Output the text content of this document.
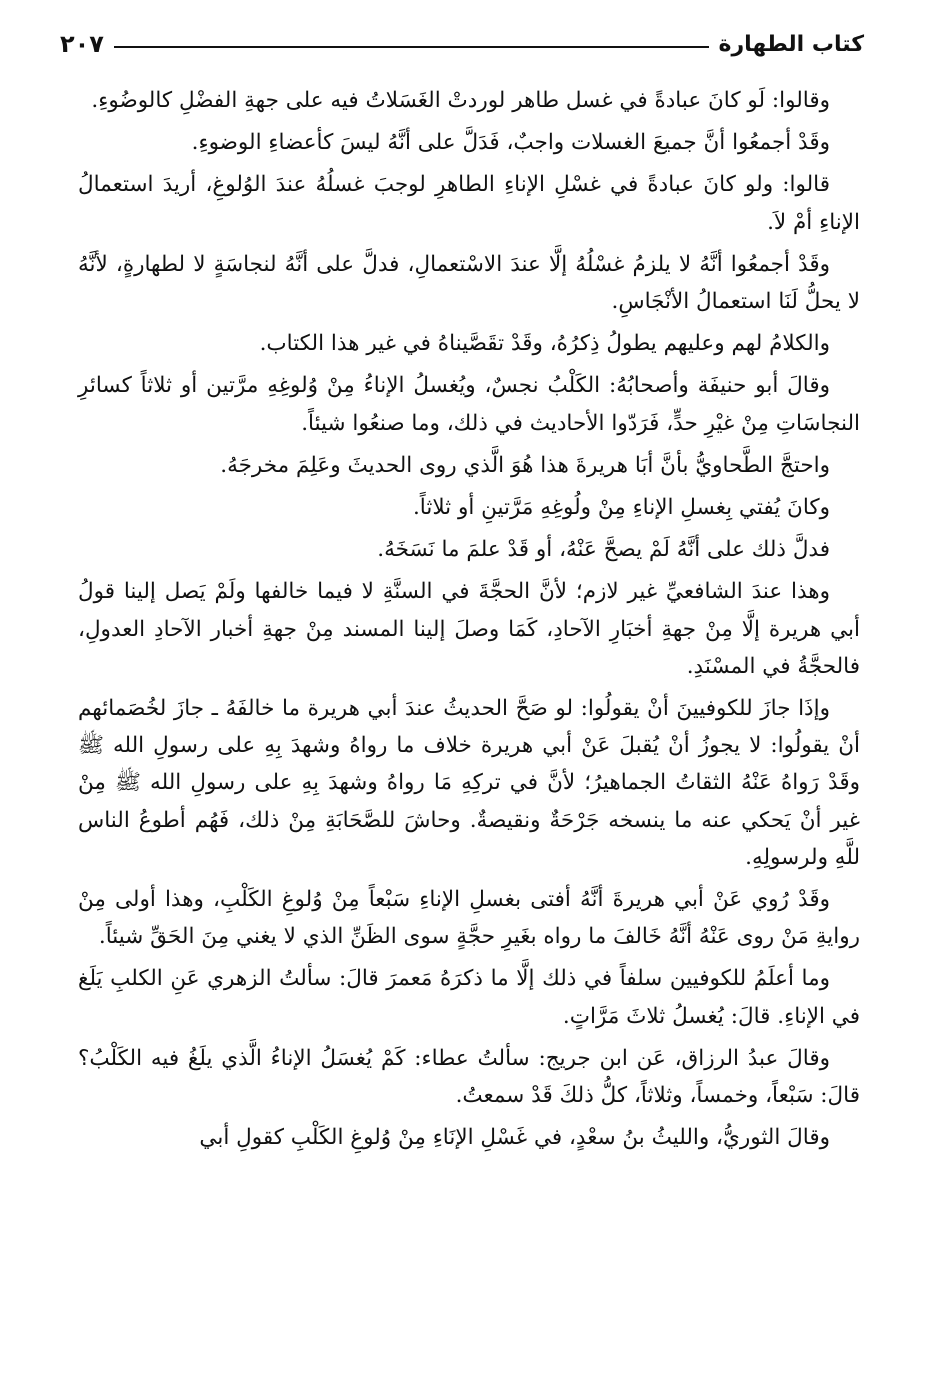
كتاب الطهارة
٢٠٧

وقالوا: لَو كانَ عبادةً في غسل طاهر لوردتْ الغَسَلاتُ فيه على جهةِ الفضْلِ كالوضُوءِ.

وقَدْ أجمعُوا أنَّ جميعَ الغسلات واجبٌ، فَدَلَّ على أنَّهُ ليسَ كأعضاءِ الوضوءِ.

قالوا: ولو كانَ عبادةً في غسْلِ الإناءِ الطاهرِ لوجبَ غسلُهُ عندَ الوُلوغِ، أريدَ استعمالُ الإناءِ أمْ لاَ.

وقَدْ أجمعُوا أنَّهُ لا يلزمُ غسْلُهُ إلَّا عندَ الاسْتعمالِ، فدلَّ على أنَّهُ لنجاسَةٍ لا لطهارةٍ، لأنَّهُ لا يحلُّ لَنَا استعمالُ الأنْجَاسِ.

والكلامُ لهم وعليهم يطولُ ذِكرُهُ، وقَدْ تقَصَّيناهُ في غير هذا الكتاب.

وقالَ أبو حنيفَة وأصحابُهُ: الكَلْبُ نجسٌ، ويُغسلُ الإناءُ مِنْ وُلوغِهِ مرَّتين أو ثلاثاً كسائرِ النجاسَاتِ مِنْ غيْرِ حدٍّ، فَرَدّوا الأحاديث في ذلك، وما صنعُوا شيئاً.

واحتجَّ الطَّحاويُّ بأنَّ أبَا هريرةَ هذا هُوَ الَّذي روى الحديثَ وعَلِمَ مخرجَهُ.

وكانَ يُفتي بِغسلِ الإناءِ مِنْ ولُوغِهِ مَرَّتينِ أو ثلاثاً.

فدلَّ ذلك على أنَّهُ لَمْ يصحَّ عَنْهُ، أو قَدْ علمَ ما نَسَخَهُ.

وهذا عندَ الشافعيِّ غير لازم؛ لأنَّ الحجَّةَ في السنَّةِ لا فيما خالفها ولَمْ يَصل إلينا قولُ أبي هريرة إلَّا مِنْ جهةِ أخبَارِ الآحادِ، كَمَا وصلَ إلينا المسند مِنْ جهةِ أخبار الآحادِ العدولِ، فالحجَّةُ في المسْنَدِ.

وإذَا جازَ للكوفيينَ أنْ يقولُوا: لو صَحَّ الحديثُ عندَ أبي هريرة ما خالفَهُ ـ جازَ لخُصَمائهم أنْ يقولُوا: لا يجوزُ أنْ يُقبلَ عَنْ أبي هريرة خلاف ما رواهُ وشهدَ بِهِ على رسولِ الله ﷺ وقَدْ رَواهُ عَنْهُ الثقاتُ الجماهيرُ؛ لأنَّ في تركِهِ مَا رواهُ وشهدَ بِهِ على رسولِ الله ﷺ مِنْ غير أنْ يَحكي عنه ما ينسخه جَرْحَةٌ ونقيصةٌ. وحاشَ للصَّحَابَةِ مِنْ ذلك، فَهُم أطوعُ الناس للَّهِ ولرسولِهِ.

وقَدْ رُوي عَنْ أبي هريرةَ أنَّهُ أفتى بغسلِ الإناءِ سَبْعاً مِنْ وُلوغِ الكَلْبِ، وهذا أولى مِنْ روايةِ مَنْ روى عَنْهُ أنَّهُ خَالفَ ما رواه بغَيرِ حجَّةٍ سوى الظَنِّ الذي لا يغني مِنَ الحَقِّ شيئاً.

وما أعلَمُ للكوفيين سلفاً في ذلك إلَّا ما ذكرَهُ مَعمرَ قالَ: سألتُ الزهري عَنِ الكلبِ يَلَغ في الإناءِ. قالَ: يُغسلُ ثلاثَ مَرَّاتٍ.

وقالَ عبدُ الرزاق، عَن ابن جريج: سألتُ عطاء: كَمْ يُغسَلُ الإناءُ الَّذي يلَغُ فيه الكَلْبُ؟ قالَ: سَبْعاً، وخمساً، وثلاثاً، كلُّ ذلكَ قَدْ سمعتُ.

وقالَ الثوريُّ، والليثُ بنُ سعْدٍ، في غَسْلِ الإنَاءِ مِنْ وُلوغِ الكَلْبِ كقولِ أبي
